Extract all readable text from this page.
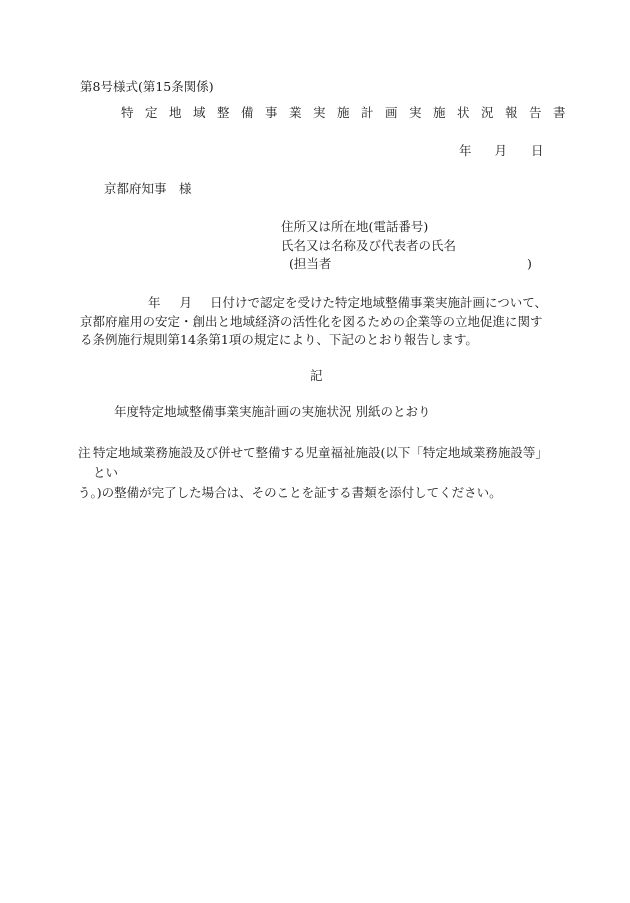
第8号様式(第15条関係)
特定地域整備事業実施計画実施状況報告書
年 月 日
京都府知事　様
住所又は所在地(電話番号)
氏名又は名称及び代表者の氏名
(担当者	)
年 月 日付けで認定を受けた特定地域整備事業実施計画について、京都府雇用の安定・創出と地域経済の活性化を図るための企業等の立地促進に関する条例施行規則第14条第1項の規定により、下記のとおり報告します。
記
年度特定地域整備事業実施計画の実施状況 別紙のとおり
注 特定地域業務施設及び併せて整備する児童福祉施設(以下「特定地域業務施設等」とい
う。)の整備が完了した場合は、そのことを証する書類を添付してください。
